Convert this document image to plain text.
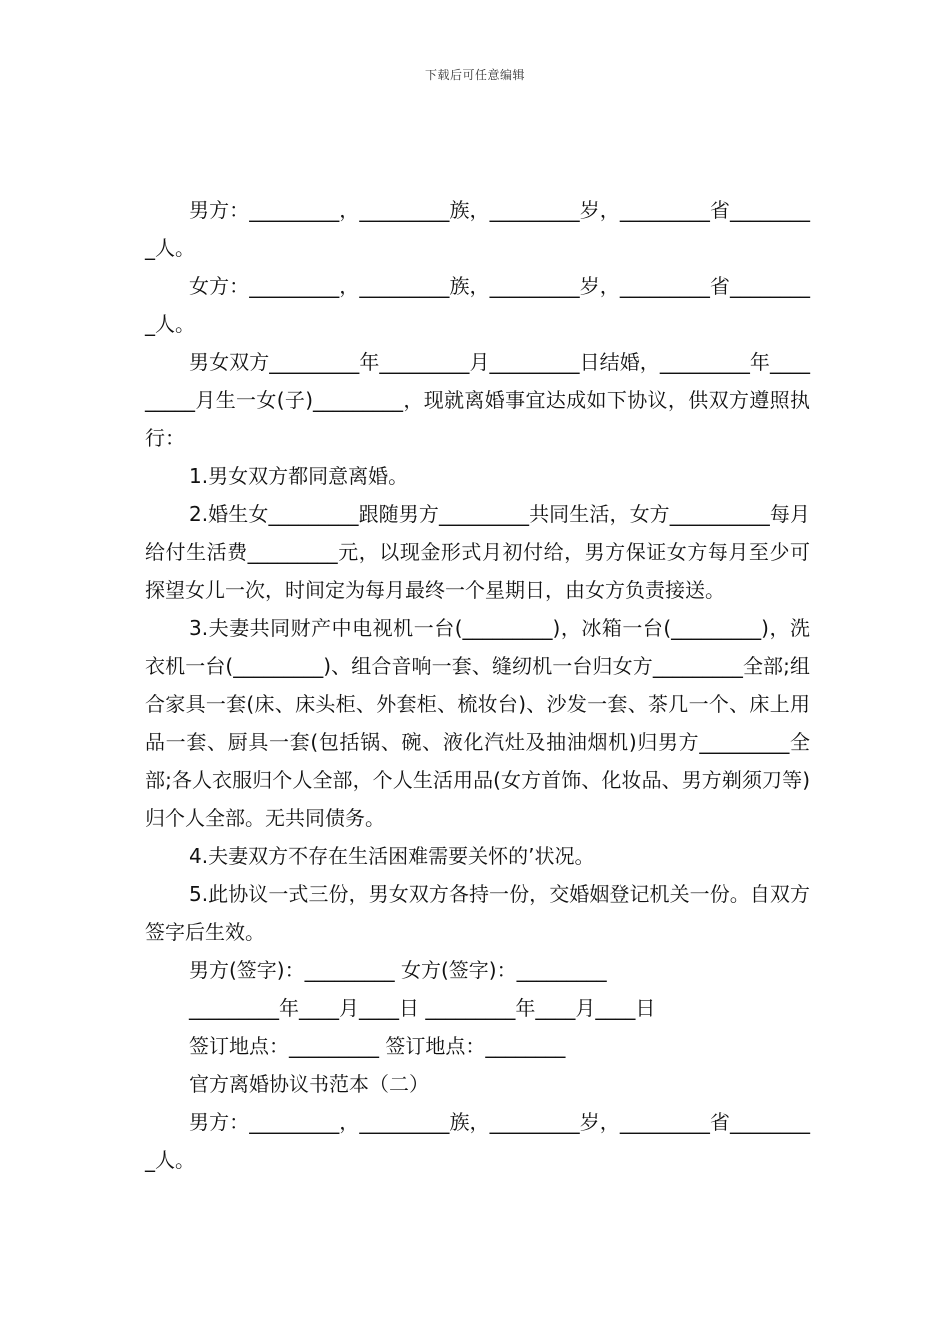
下载后可任意编辑

男方：_________，_________族，_________岁，_________省_________人。

女方：_________，_________族，_________岁，_________省_________人。

男女双方_________年_________月_________日结婚，_________年_________月生一女(子)_________，现就离婚事宜达成如下协议，供双方遵照执行：

1.男女双方都同意离婚。

2.婚生女_________跟随男方_________共同生活，女方__________每月给付生活费_________元，以现金形式月初付给，男方保证女方每月至少可探望女儿一次，时间定为每月最终一个星期日，由女方负责接送。

3.夫妻共同财产中电视机一台(_________)，冰箱一台(_________)，洗衣机一台(_________)、组合音响一套、缝纫机一台归女方_________全部;组合家具一套(床、床头柜、外套柜、梳妆台)、沙发一套、茶几一个、床上用品一套、厨具一套(包括锅、碗、液化汽灶及抽油烟机)归男方_________全部;各人衣服归个人全部，个人生活用品(女方首饰、化妆品、男方剃须刀等)归个人全部。无共同债务。

4.夫妻双方不存在生活困难需要关怀的’状况。

5.此协议一式三份，男女双方各持一份，交婚姻登记机关一份。自双方签字后生效。

男方(签字)：_________ 女方(签字)：_________

_________年____月____日 _________年____月____日

签订地点：_________ 签订地点：________

官方离婚协议书范本（二）

男方：_________，_________族，_________岁，_________省_________人。
